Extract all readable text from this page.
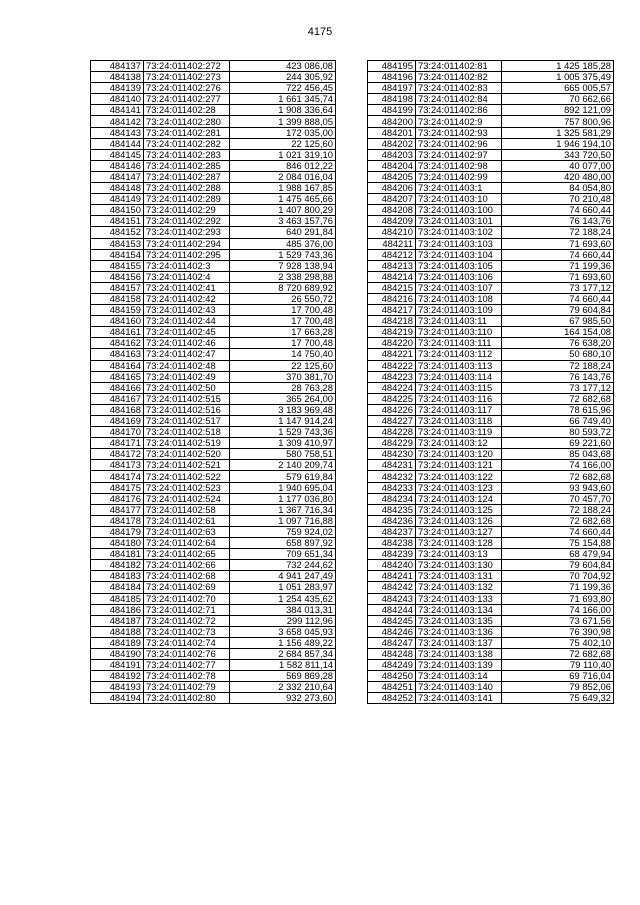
4175
484137	73:24:011402:272	423 086,08
484138	73:24:011402:273	244 305,92
484139	73:24:011402:276	722 456,45
484140	73:24:011402:277	1 661 345,74
484141	73:24:011402:28	1 908 336,64
484142	73:24:011402:280	1 399 888,05
484143	73:24:011402:281	172 035,00
484144	73:24:011402:282	22 125,60
484145	73:24:011402:283	1 021 319,10
484146	73:24:011402:285	846 012,22
484147	73:24:011402:287	2 084 016,04
484148	73:24:011402:288	1 988 167,85
484149	73:24:011402:289	1 475 465,66
484150	73:24:011402:29	1 407 800,29
484151	73:24:011402:292	3 463 157,76
484152	73:24:011402:293	640 291,84
484153	73:24:011402:294	485 376,00
484154	73:24:011402:295	1 529 743,36
484155	73:24:011402:3	7 928 138,94
484156	73:24:011402:4	2 338 298,88
484157	73:24:011402:41	8 720 689,92
484158	73:24:011402:42	26 550,72
484159	73:24:011402:43	17 700,48
484160	73:24:011402:44	17 700,48
484161	73:24:011402:45	17 663,28
484162	73:24:011402:46	17 700,48
484163	73:24:011402:47	14 750,40
484164	73:24:011402:48	22 125,60
484165	73:24:011402:49	370 381,70
484166	73:24:011402:50	28 763,28
484167	73:24:011402:515	365 264,00
484168	73:24:011402:516	3 183 969,48
484169	73:24:011402:517	1 147 914,24
484170	73:24:011402:518	1 529 743,36
484171	73:24:011402:519	1 309 410,97
484172	73:24:011402:520	580 758,51
484173	73:24:011402:521	2 140 209,74
484174	73:24:011402:522	579 619,84
484175	73:24:011402:523	1 940 695,04
484176	73:24:011402:524	1 177 036,80
484177	73:24:011402:58	1 367 716,34
484178	73:24:011402:61	1 097 716,88
484179	73:24:011402:63	759 924,02
484180	73:24:011402:64	658 897,92
484181	73:24:011402:65	709 651,34
484182	73:24:011402:66	732 244,62
484183	73:24:011402:68	4 941 247,49
484184	73:24:011402:69	1 051 283,97
484185	73:24:011402:70	1 254 435,62
484186	73:24:011402:71	384 013,31
484187	73:24:011402:72	299 112,96
484188	73:24:011402:73	3 658 045,93
484189	73:24:011402:74	1 156 489,22
484190	73:24:011402:76	2 684 857,34
484191	73:24:011402:77	1 582 811,14
484192	73:24:011402:78	569 869,28
484193	73:24:011402:79	2 332 210,64
484194	73:24:011402:80	932 273,60
484195	73:24:011402:81	1 425 185,28
484196	73:24:011402:82	1 005 375,49
484197	73:24:011402:83	665 005,57
484198	73:24:011402:84	70 662,66
484199	73:24:011402:86	892 121,09
484200	73:24:011402:9	757 800,96
484201	73:24:011402:93	1 325 581,29
484202	73:24:011402:96	1 946 194,10
484203	73:24:011402:97	343 720,50
484204	73:24:011402:98	40 077,00
484205	73:24:011402:99	420 480,00
484206	73:24:011403:1	84 054,80
484207	73:24:011403:10	70 210,48
484208	73:24:011403:100	74 660,44
484209	73:24:011403:101	76 143,76
484210	73:24:011403:102	72 188,24
484211	73:24:011403:103	71 693,60
484212	73:24:011403:104	74 660,44
484213	73:24:011403:105	71 199,36
484214	73:24:011403:106	71 693,60
484215	73:24:011403:107	73 177,12
484216	73:24:011403:108	74 660,44
484217	73:24:011403:109	79 604,84
484218	73:24:011403:11	67 985,50
484219	73:24:011403:110	164 154,08
484220	73:24:011403:111	76 638,20
484221	73:24:011403:112	50 680,10
484222	73:24:011403:113	72 188,24
484223	73:24:011403:114	76 143,76
484224	73:24:011403:115	73 177,12
484225	73:24:011403:116	72 682,68
484226	73:24:011403:117	78 615,96
484227	73:24:011403:118	66 749,40
484228	73:24:011403:119	80 593,72
484229	73:24:011403:12	69 221,60
484230	73:24:011403:120	85 043,68
484231	73:24:011403:121	74 166,00
484232	73:24:011403:122	72 682,68
484233	73:24:011403:123	93 943,60
484234	73:24:011403:124	70 457,70
484235	73:24:011403:125	72 188,24
484236	73:24:011403:126	72 682,68
484237	73:24:011403:127	74 660,44
484238	73:24:011403:128	75 154,88
484239	73:24:011403:13	68 479,94
484240	73:24:011403:130	79 604,84
484241	73:24:011403:131	70 704,92
484242	73:24:011403:132	71 199,36
484243	73:24:011403:133	71 693,80
484244	73:24:011403:134	74 166,00
484245	73:24:011403:135	73 671,56
484246	73:24:011403:136	76 390,98
484247	73:24:011403:137	75 402,10
484248	73:24:011403:138	72 682,68
484249	73:24:011403:139	79 110,40
484250	73:24:011403:14	69 716,04
484251	73:24:011403:140	79 852,06
484252	73:24:011403:141	75 649,32
